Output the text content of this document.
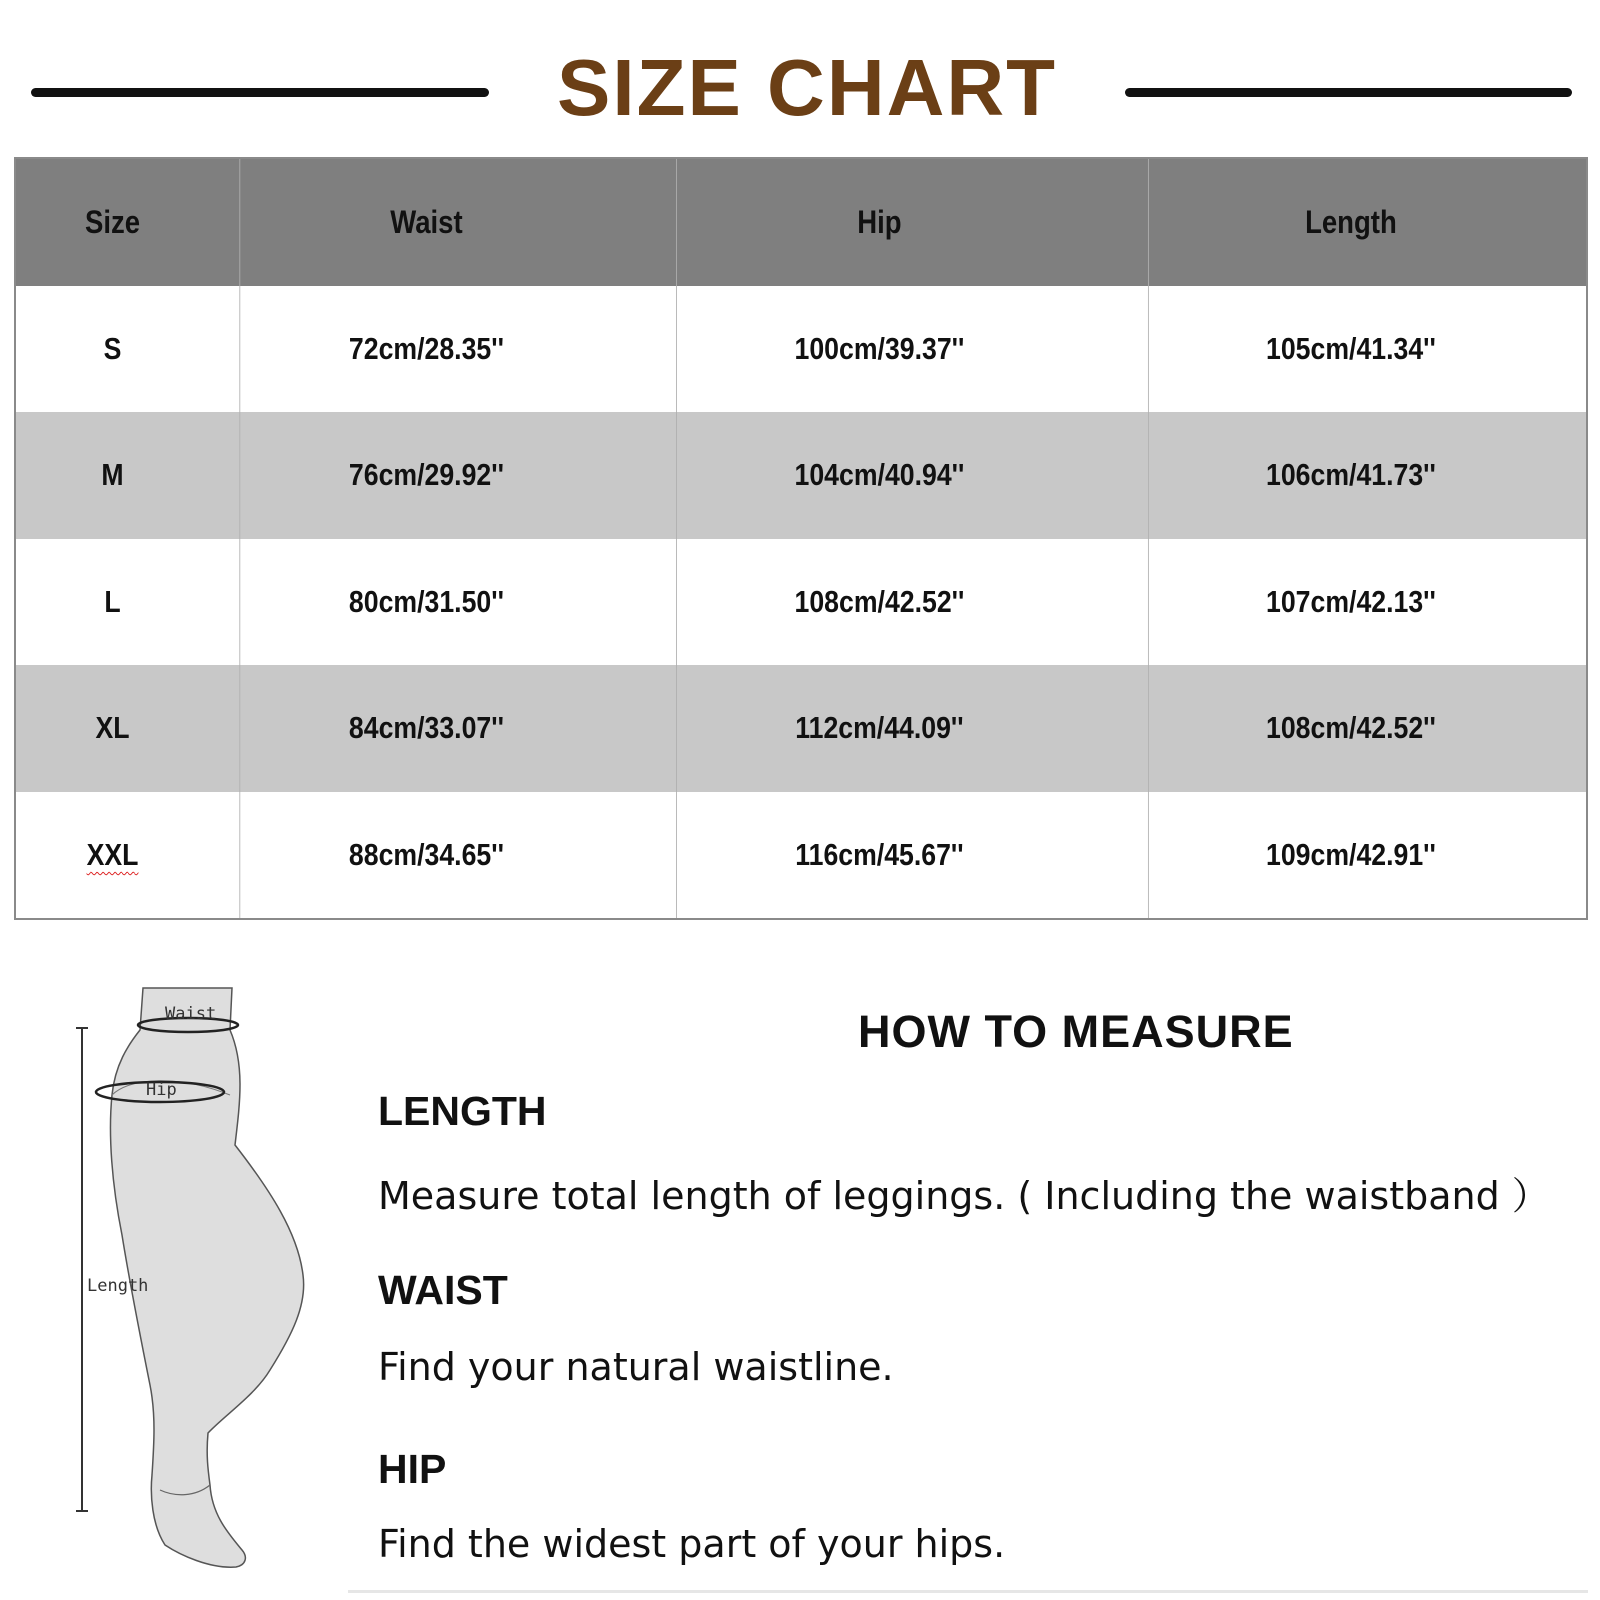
SIZE CHART
Size	Waist	Hip	Length
S	72cm/28.35''	100cm/39.37''	105cm/41.34''
M	76cm/29.92''	104cm/40.94''	106cm/41.73''
L	80cm/31.50''	108cm/42.52''	107cm/42.13''
XL	84cm/33.07''	112cm/44.09''	108cm/42.52''
XXL	88cm/34.65''	116cm/45.67''	109cm/42.91''
Waist
Hip
Length
HOW TO MEASURE
LENGTH
Measure total length of leggings. ( Including the waistband ）
WAIST
Find your natural waistline.
HIP
Find the widest part of your hips.
